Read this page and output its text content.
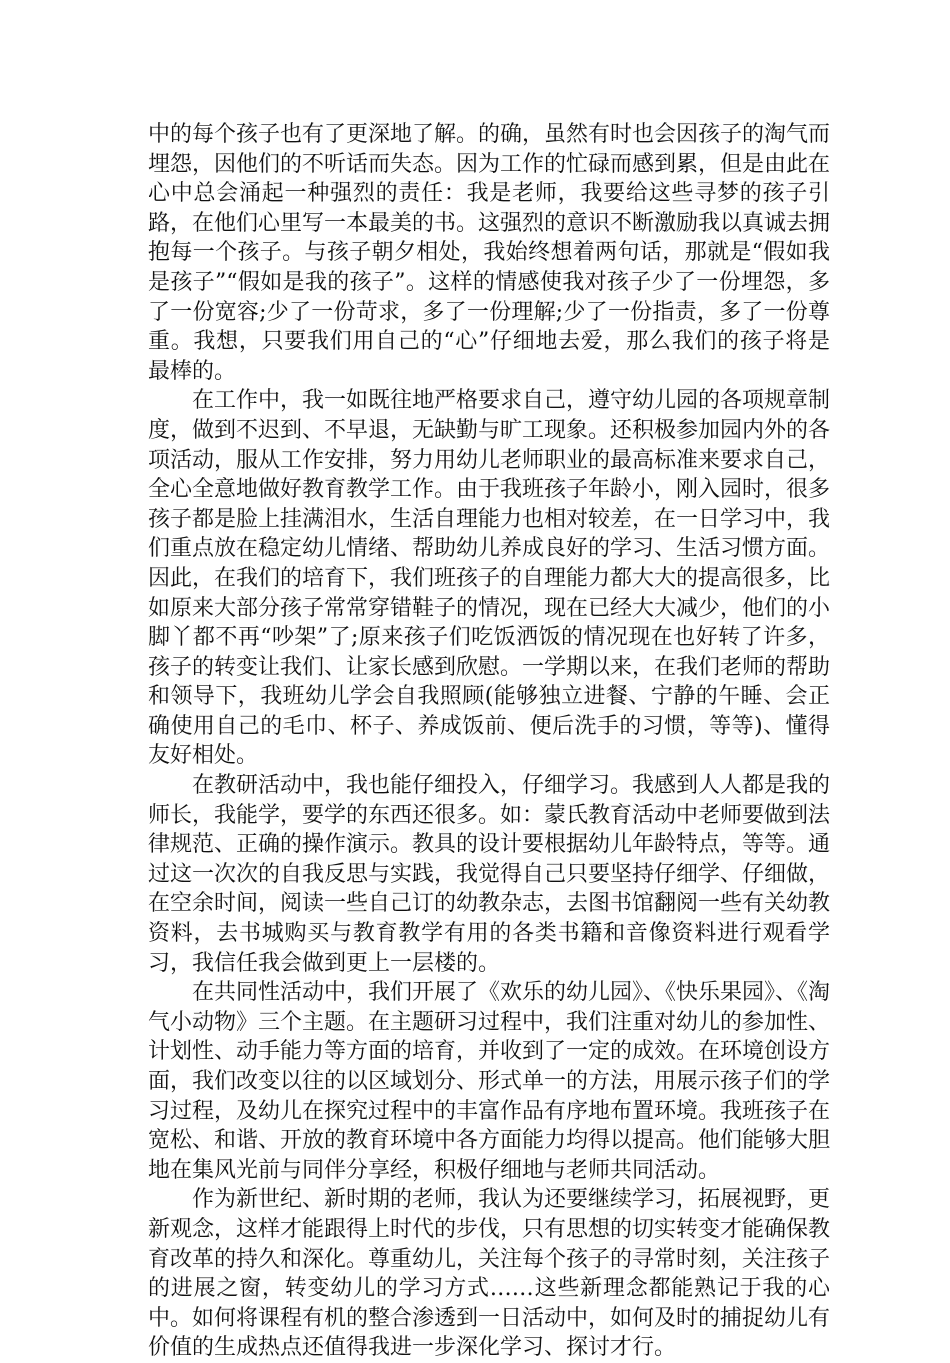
中的每个孩子也有了更深地了解。的确，虽然有时也会因孩子的淘气而埋怨，因他们的不听话而失态。因为工作的忙碌而感到累，但是由此在心中总会涌起一种强烈的责任：我是老师，我要给这些寻梦的孩子引路，在他们心里写一本最美的书。这强烈的意识不断激励我以真诚去拥抱每一个孩子。与孩子朝夕相处，我始终想着两句话，那就是“假如我是孩子”“假如是我的孩子”。这样的情感使我对孩子少了一份埋怨，多了一份宽容;少了一份苛求，多了一份理解;少了一份指责，多了一份尊重。我想，只要我们用自己的“心”仔细地去爱，那么我们的孩子将是最棒的。

在工作中，我一如既往地严格要求自己，遵守幼儿园的各项规章制度，做到不迟到、不早退，无缺勤与旷工现象。还积极参加园内外的各项活动，服从工作安排，努力用幼儿老师职业的最高标准来要求自己，全心全意地做好教育教学工作。由于我班孩子年龄小，刚入园时，很多孩子都是脸上挂满泪水，生活自理能力也相对较差，在一日学习中，我们重点放在稳定幼儿情绪、帮助幼儿养成良好的学习、生活习惯方面。因此，在我们的培育下，我们班孩子的自理能力都大大的提高很多，比如原来大部分孩子常常穿错鞋子的情况，现在已经大大减少，他们的小脚丫都不再“吵架”了;原来孩子们吃饭洒饭的情况现在也好转了许多，孩子的转变让我们、让家长感到欣慰。一学期以来，在我们老师的帮助和领导下，我班幼儿学会自我照顾(能够独立进餐、宁静的午睡、会正确使用自己的毛巾、杯子、养成饭前、便后洗手的习惯，等等)、懂得友好相处。

在教研活动中，我也能仔细投入，仔细学习。我感到人人都是我的师长，我能学，要学的东西还很多。如：蒙氏教育活动中老师要做到法律规范、正确的操作演示。教具的设计要根据幼儿年龄特点，等等。通过这一次次的自我反思与实践，我觉得自己只要坚持仔细学、仔细做，在空余时间，阅读一些自己订的幼教杂志，去图书馆翻阅一些有关幼教资料，去书城购买与教育教学有用的各类书籍和音像资料进行观看学习，我信任我会做到更上一层楼的。

在共同性活动中，我们开展了《欢乐的幼儿园》、《快乐果园》、《淘气小动物》三个主题。在主题研习过程中，我们注重对幼儿的参加性、计划性、动手能力等方面的培育，并收到了一定的成效。在环境创设方面，我们改变以往的以区域划分、形式单一的方法，用展示孩子们的学习过程，及幼儿在探究过程中的丰富作品有序地布置环境。我班孩子在宽松、和谐、开放的教育环境中各方面能力均得以提高。他们能够大胆地在集风光前与同伴分享经，积极仔细地与老师共同活动。

作为新世纪、新时期的老师，我认为还要继续学习，拓展视野，更新观念，这样才能跟得上时代的步伐，只有思想的切实转变才能确保教育改革的持久和深化。尊重幼儿，关注每个孩子的寻常时刻，关注孩子的进展之窗，转变幼儿的学习方式……这些新理念都能熟记于我的心中。如何将课程有机的整合渗透到一日活动中，如何及时的捕捉幼儿有价值的生成热点还值得我进一步深化学习、探讨才行。
